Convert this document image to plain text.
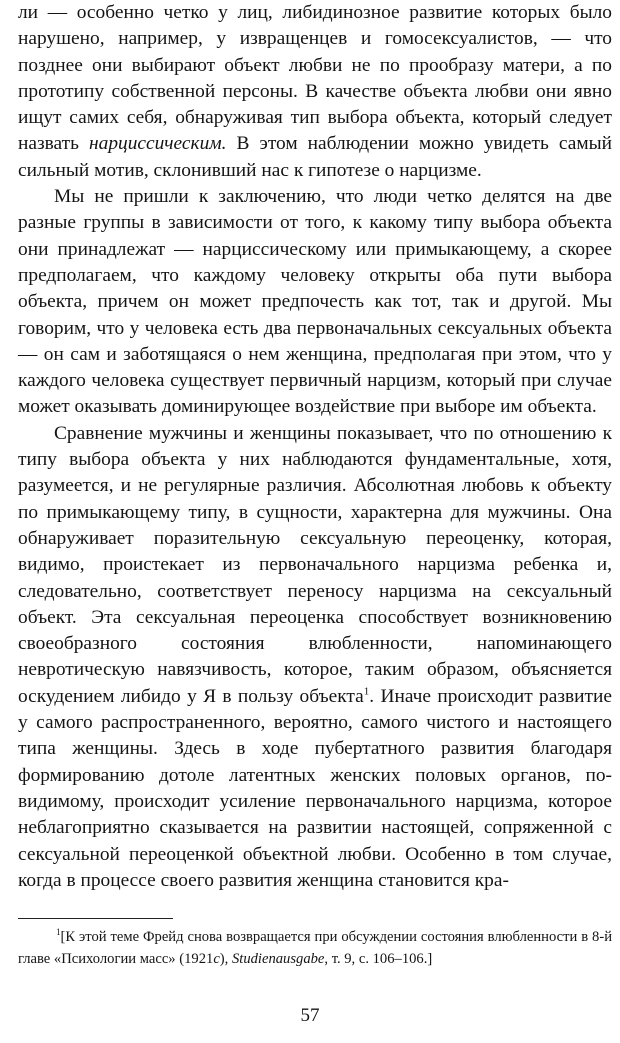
ли — особенно четко у лиц, либидинозное развитие которых было нарушено, например, у извращенцев и гомосексуалистов, — что позднее они выбирают объект любви не по прообразу матери, а по прототипу собственной персоны. В качестве объекта любви они явно ищут самих себя, обнаруживая тип выбора объекта, который следует назвать нарциссическим. В этом наблюдении можно увидеть самый сильный мотив, склонивший нас к гипотезе о нарцизме.

Мы не пришли к заключению, что люди четко делятся на две разные группы в зависимости от того, к какому типу выбора объекта они принадлежат — нарциссическому или примыкающему, а скорее предполагаем, что каждому человеку открыты оба пути выбора объекта, причем он может предпочесть как тот, так и другой. Мы говорим, что у человека есть два первоначальных сексуальных объекта — он сам и заботящаяся о нем женщина, предполагая при этом, что у каждого человека существует первичный нарцизм, который при случае может оказывать доминирующее воздействие при выборе им объекта.

Сравнение мужчины и женщины показывает, что по отношению к типу выбора объекта у них наблюдаются фундаментальные, хотя, разумеется, и не регулярные различия. Абсолютная любовь к объекту по примыкающему типу, в сущности, характерна для мужчины. Она обнаруживает поразительную сексуальную переоценку, которая, видимо, проистекает из первоначального нарцизма ребенка и, следовательно, соответствует переносу нарцизма на сексуальный объект. Эта сексуальная переоценка способствует возникновению своеобразного состояния влюбленности, напоминающего невротическую навязчивость, которое, таким образом, объясняется оскудением либидо у Я в пользу объекта$^1$. Иначе происходит развитие у самого распространенного, вероятно, самого чистого и настоящего типа женщины. Здесь в ходе пубертатного развития благодаря формированию дотоле латентных женских половых органов, по-видимому, происходит усиление первоначального нарцизма, которое неблагоприятно сказывается на развитии настоящей, сопряженной с сексуальной переоценкой объектной любви. Особенно в том случае, когда в процессе своего развития женщина становится кра-

$^1$[К этой теме Фрейд снова возвращается при обсуждении состояния влюбленности в 8-й главе «Психологии масс» (1921c), Studienausgabe, т. 9, с. 106–106.]
57
